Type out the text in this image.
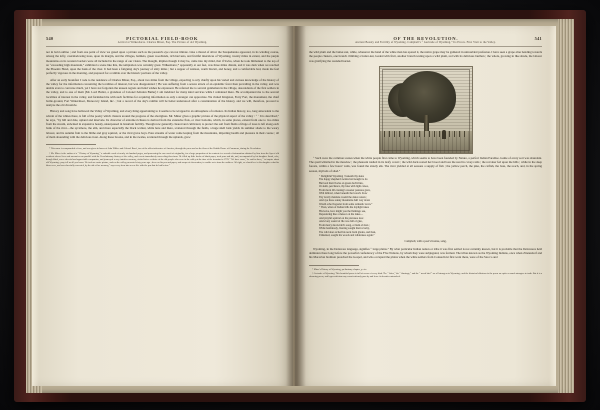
540	PICTORIAL FIELD-BOOK
Arrival at Wilkesbarre. Charles Miner, Esq. The Picture of old Wyoming.

not in bold outline ; and from one point of view we gazed upon a picture such as the peasant's eye can not imitate. Like a thread of silver the Susquehanna appeared, in its winding course, among the lofty, overshadowing trees, upon its margin, and the villages, hamlets, green woodlands, rich harvests, and fruitful interstices of Wyoming, twenty miles in extent, and the purple mountains on its western borders were all included in the range of our vision. The thought, implies though it may be, came into my mind, that if Swiss, when he took Immanuel to the top of an “exceeding high mountain,” exhibited a scene like this, the temptation was certainly great. Wilkesbarre,* apparently at our feet, was three miles distant, and it was dark when we reached the Phoenix Hotel, upon the bank of the river. It had been a fatiguing day's journey of sixty miles ; but a supper of venison, warm biscuit, and honey, and a comfortable bed, made me feel perfectly vigorous in the morning, and prepared for a ramble over the historic portions of the valley.

After an early breakfast I rode to the residence of Charles Miner, Esq., about two miles from the village, expecting to rely chiefly upon his varied and curious knowledge of the history of the valley for the information concerning the localities of interest, but was disappointed.† He was suffering from a severe attack of an epidemic fever then prevailing in the valley, and was unable even to converse much, yet I have not forgotten the unseen regrets and kind wishes he expressed. He referred me to several gentlemen in the village, descendants of the first settlers in the valley, and to one of them (Mr. Lord Butler, a grandson of Colonel Zebulon Butler) I am indebted for many kind services while I remained there. He accompanied me to the several localities of interest in the valley, and furnished me with such facilities for acquiring information as only a stranger can appreciate. We visited Kingston, Forty Fort, the monument, the chief battle-ground, Fort Wintermoot, Monocacy Island, &c. ; but a record of the day's ramble will be better understood after a consideration of the history, and we will, therefore, proceed to analyze the old chronicle.

History and song have hallowed the Valley of Wyoming, and every thing appertaining to it seems to be wrapped in an atmosphere of romance. Its Indian history, too, long antecedent to the advent of the whites there, is full of the poetry which clusters around the progress of the aborigines. Mr. Miner gives a graphic picture of the physical aspect of the valley : “ ‘ It is described,” he says, “by hill and dale, upland and intervale. Its character of extreme richness is derived from the extensive flats, or river bottoms, which, in some places, extend from one to two miles from the stream, entwined in expansive beauty, unsurpassed in luxuriant fertility. Though now generally cleared and cultivated, to protect the soil from fluids a fringe of trees is left along each bank of the river—the sycamore, the elm, and more especially the black walnut, while here and there, scattered through the fields, a huge shell bark yields its summer shade to the weary laborer, and its autumn fruit to the blithe and gray squirrel, or the rival grove boys. Pure streams of water come leaping from the mountains, imparting health and pleasure in their course ; all of them abounding with the delicious trout. Along these brooks, and in the swales, scattered through the uplands, grow

* This name is compounded of two, and was given in honor of John Wilkes and Colonel Barré, two of the ablest advocates of America, through the press and on the floor of the British House of Commons, during the Revolution.

† Mr. Miner is the author of a “ History of Wyoming,” a valuable work of nearly six hundred pages, and possessing the rare merit of originality, for a large proportion of its contents is a record of information obtained by him from the lips of old residents whose lives and memories ran parallel with the Revolutionary history of the valley, and events immediately succeeding therefrom. He filled up little books of blank paper, took pens and ink, and, accompanied by his daughter Sarah, who, though blind, was a cheerful and appreciable companion, and journeyed a very intuitive memory, visited twice or thrice of the old people who were in the valley at the time of the invasion in 1778. “ We have come,” he said to them, “ to inquire about old Wyoming ; pray tell us all you know. We took an easier picture, such as the valley presented sixty years ago ; drew on his pen and paper, and scraps of observation, to enable us to form the outlines. All right, we should see in his daughter what his labor were, and was cheerfully corrected, by the aid of her memory,” says every item into a new life with the pen that he had before.”

OF THE REVOLUTION.	541
Ancient Beauty and Fertility of Wyoming. Campbell's “ Gertrude of Wyoming.” Its Errors. First Visit to the Valley.

the wild plum and the butter-nut, while, whenever the hand of the white man has spared it, the native grape may be gathered in untroubled profusion. I have seen a grape-vine bending towards the people clusters, one branch climbing a butter-nut, loaded with fruit, another branch testing upon a wild plum, red with its delicious burthen ; the whole, growing in like shade, the laborer was gratifying the rounded hornet.

“ Such were the common scenes when the white people first came to Wyoming, which seems to have been founded by Nature, a perfect Indian Paradise. Game of every sort was abundant. The quail whistled in the meadow ; the pheasant rustled in its leafy covert ; the wild duck reared her brood and bore the reed in covey raids ; the red deer fed upon the hills ; while in the deep forests, within a few hours' walk, was found the stately elk. The river yielded at all seasons a supply of fish ; the yellow perch, the pike, the catfish, the bass, the roach, and, in the spring season, myriads of shad.”

“ Delightful Wyoming ! beneath thy skies
The happy shepherd swains had nought to do
But feed their flocks on green declivities,
Or skim, perchance, thy lake with light canoe,
From morn till evening's sweeter pastures grew,
With timbrel, when beneath the forest's brow
Thy lovely maidens would the dance renew ;
And aye those sunny mountains half way down
Would echo flageolet from some romantic town.”
“ Then, when of Indian hills the daylight takes
His leave, how might you the flamingo see,
Depasturing like a meteor on the lakes—
And playful squirrel on his piecanoe tree :
And every sound of life was full of glee,
From merry mock-bird's song, or hum of men ;
While harmlessly, floating sought their revelry,
The wild deer arched his neck from glades, and then,
Unhunted, sought his woods and wilderness again.”
Campbell, with a poet's license, sang,

Wyoming, in the Delaware language, signifies “ large plains.” By what particular Indian nation or tribe it was first settled is not certainly known, but it is probable that the Delawares held dominion there long before the powerful confederacy of the Five Nations, by whom they were subjugated, was formed. The tribes known as the Wyoming Indians, once when Zinzendorf and his Moravian brethren preached the Gospel, and who occupied the plains when the white settlers from Connecticut first went there, were of the Stocco and

* Miner's History of Wyoming, preliminary chapter, p. xiv.

† Gertrude of Wyoming. This beautiful poem is full of errors of every kind. The “ lakes,” the “ flamingo,” and the “ mock bird ” are all strangers to Wyoming ; and the historical allusions in the poem are quite as much strangers to truth. But it is a charming poem, and hypercriticism may conscientiously pass by and leave its beauties untouched.
